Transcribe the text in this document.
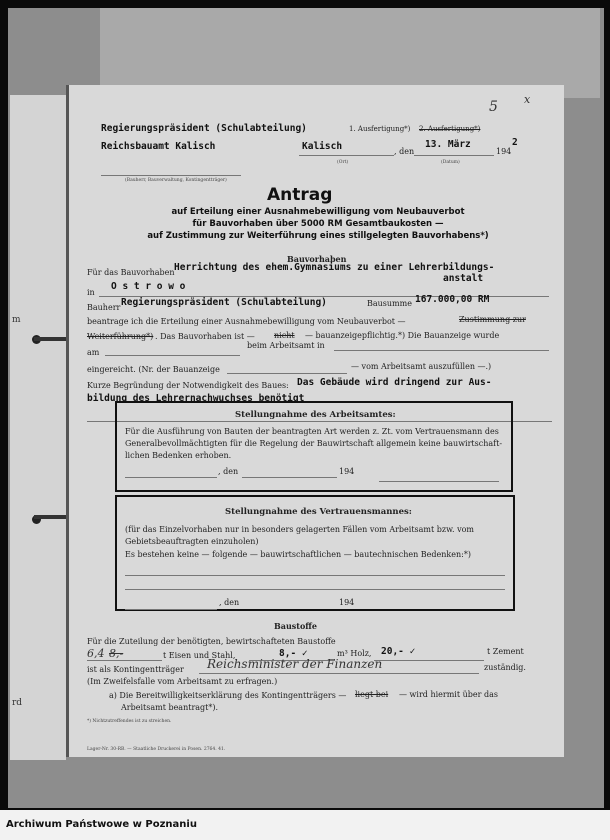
m
rd
5 x
Regierungspräsident (Schulabteilung)	1. Ausfertigung*) 2. Ausfertigung*)
Reichsbauamt Kalisch	Kalisch	, den
13. März
194
2
(Ort)	(Datum)
(Bauherr, Bauverwaltung, Kontingentträger)
Antrag
auf Erteilung einer Ausnahmebewilligung vom Neubauverbot
für Bauvorhaben über 5000 RM Gesamtbaukosten —
auf Zustimmung zur Weiterführung eines stillgelegten Bauvorhabens*)
Bauvorhaben
Für das Bauvorhaben Herrichtung des ehem.Gymnasiums zu einer Lehrerbildungs-
anstalt
in
O s t r o w o
Bauherr Regierungspräsident (Schulabteilung)	Bausumme 167.000,00 RM
beantrage ich die Erteilung einer Ausnahmebewilligung vom Neubauverbot —	Zustimmung zur
Weiterführung*) . Das Bauvorhaben ist — nicht — bauanzeigepflichtig.*) Die Bauanzeige wurde
am
beim Arbeitsamt in
eingereicht. (Nr. der Bauanzeige	— vom Arbeitsamt auszufüllen —.)
Kurze Begründung der Notwendigkeit des Baues: Das Gebäude wird dringend zur Aus-
bildung des Lehrernachwuchses benötigt
Stellungnahme des Arbeitsamtes:
Für die Ausführung von Bauten der beantragten Art werden z. Zt. vom Vertrauensmann des
Generalbevollmächtigten für die Regelung der Bauwirtschaft allgemein keine bauwirtschaft-
lichen Bedenken erhoben.
, den	194
Stellungnahme des Vertrauensmannes:
(für das Einzelvorhaben nur in besonders gelagerten Fällen vom Arbeitsamt bzw. vom
Gebietsbeauftragten einzuholen)
Es bestehen keine — folgende — bauwirtschaftlichen — bautechnischen Bedenken:*)
, den	194
Baustoffe
Für die Zuteilung der benötigten, bewirtschafteten Baustoffe
6,4 8,-	t Eisen und Stahl,	8,- ✓	m³ Holz, 20,- ✓	t Zement
ist als Kontingentträger Reichsminister der Finanzen	zuständig.
(Im Zweifelsfalle vom Arbeitsamt zu erfragen.)
a) Die Bereitwilligkeitserklärung des Kontingentträgers — liegt bei — wird hiermit über das
Arbeitsamt beantragt*).
*) Nichtzutreffendes ist zu streichen.
Lager-Nr. 30-RB. — Staatliche Druckerei in Posen. 2764. 41.
Archiwum Państwowe w Poznaniu
